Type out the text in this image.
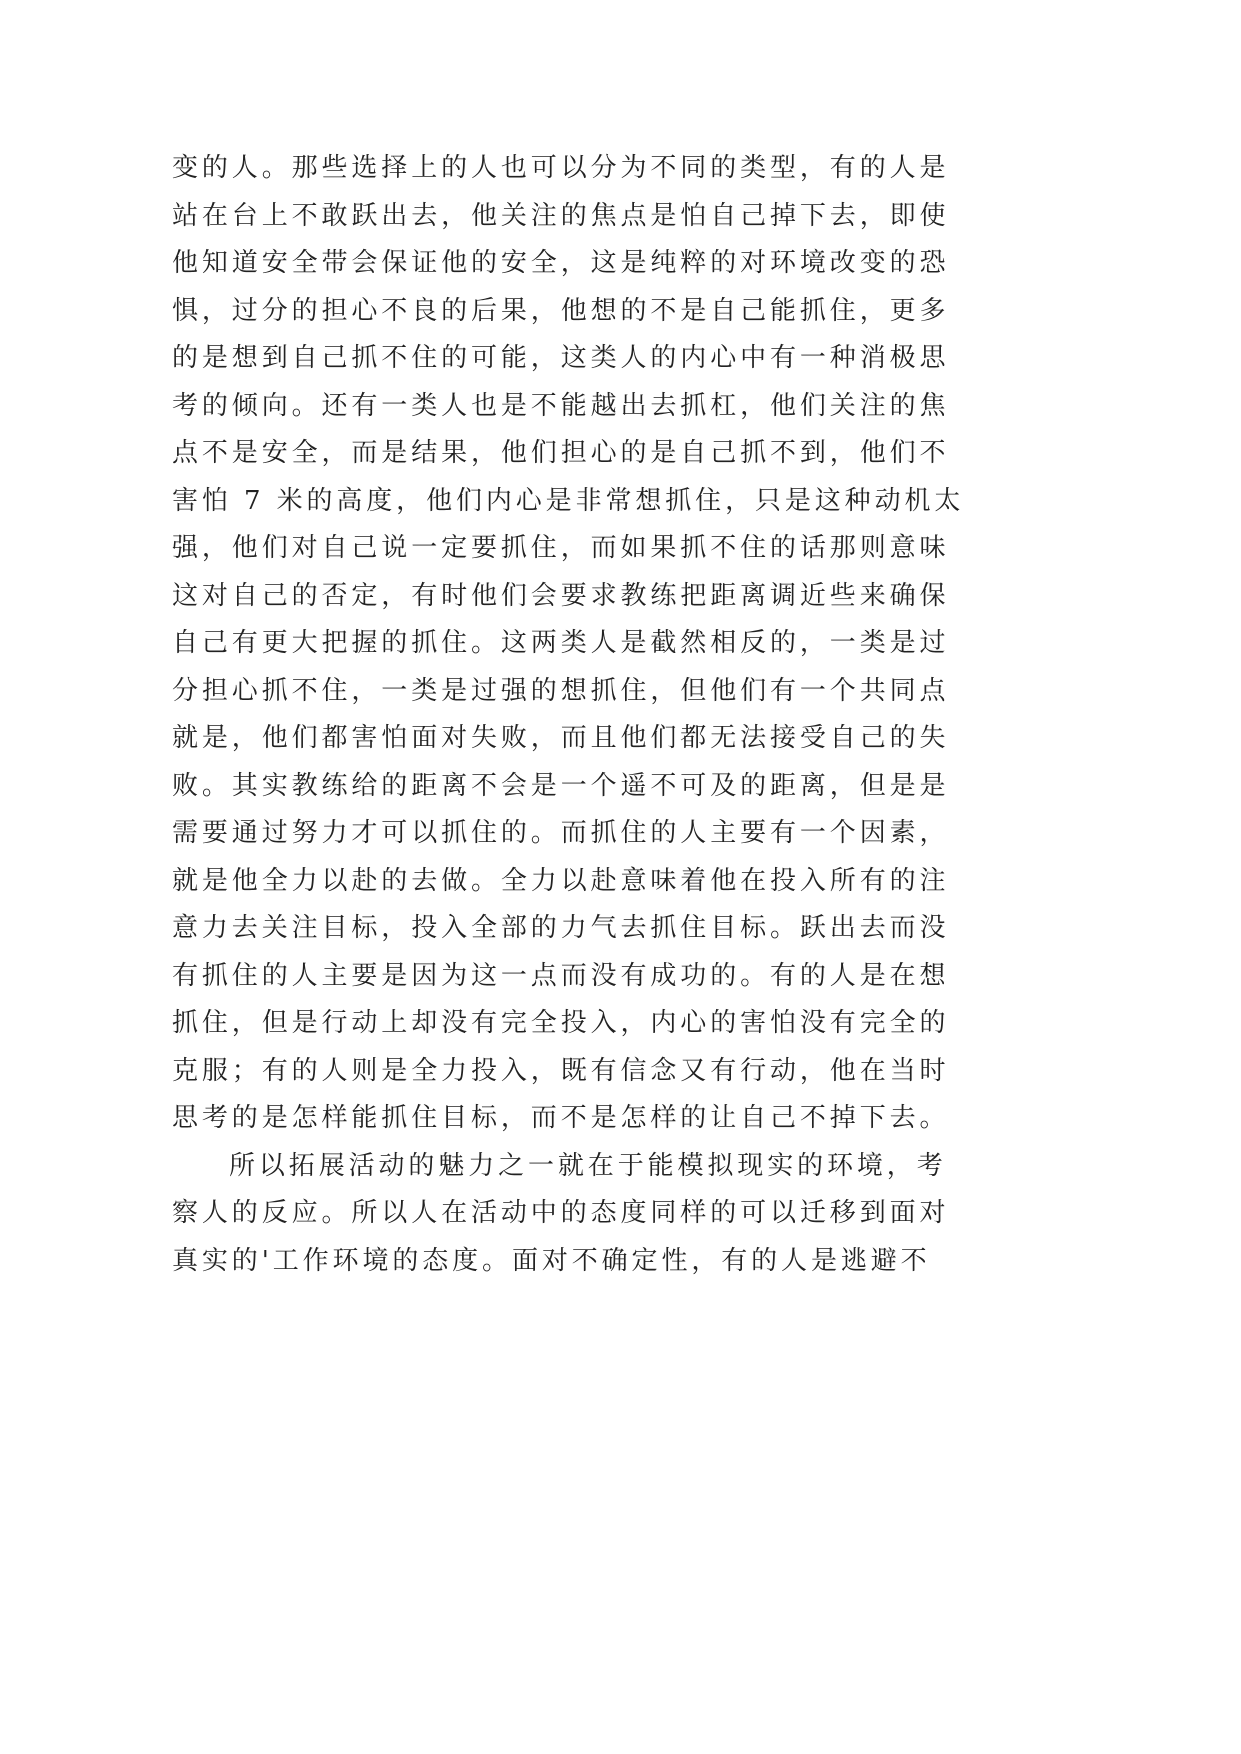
变的人。那些选择上的人也可以分为不同的类型，有的人是
站在台上不敢跃出去，他关注的焦点是怕自己掉下去，即使
他知道安全带会保证他的安全，这是纯粹的对环境改变的恐
惧，过分的担心不良的后果，他想的不是自己能抓住，更多
的是想到自己抓不住的可能，这类人的内心中有一种消极思
考的倾向。还有一类人也是不能越出去抓杠，他们关注的焦
点不是安全，而是结果，他们担心的是自己抓不到，他们不
害怕 7 米的高度，他们内心是非常想抓住，只是这种动机太
强，他们对自己说一定要抓住，而如果抓不住的话那则意味
这对自己的否定，有时他们会要求教练把距离调近些来确保
自己有更大把握的抓住。这两类人是截然相反的，一类是过
分担心抓不住，一类是过强的想抓住，但他们有一个共同点
就是，他们都害怕面对失败，而且他们都无法接受自己的失
败。其实教练给的距离不会是一个遥不可及的距离，但是是
需要通过努力才可以抓住的。而抓住的人主要有一个因素，
就是他全力以赴的去做。全力以赴意味着他在投入所有的注
意力去关注目标，投入全部的力气去抓住目标。跃出去而没
有抓住的人主要是因为这一点而没有成功的。有的人是在想
抓住，但是行动上却没有完全投入，内心的害怕没有完全的
克服；有的人则是全力投入，既有信念又有行动，他在当时
思考的是怎样能抓住目标，而不是怎样的让自己不掉下去。
所以拓展活动的魅力之一就在于能模拟现实的环境，考
察人的反应。所以人在活动中的态度同样的可以迁移到面对
真实的'工作环境的态度。面对不确定性，有的人是逃避不
